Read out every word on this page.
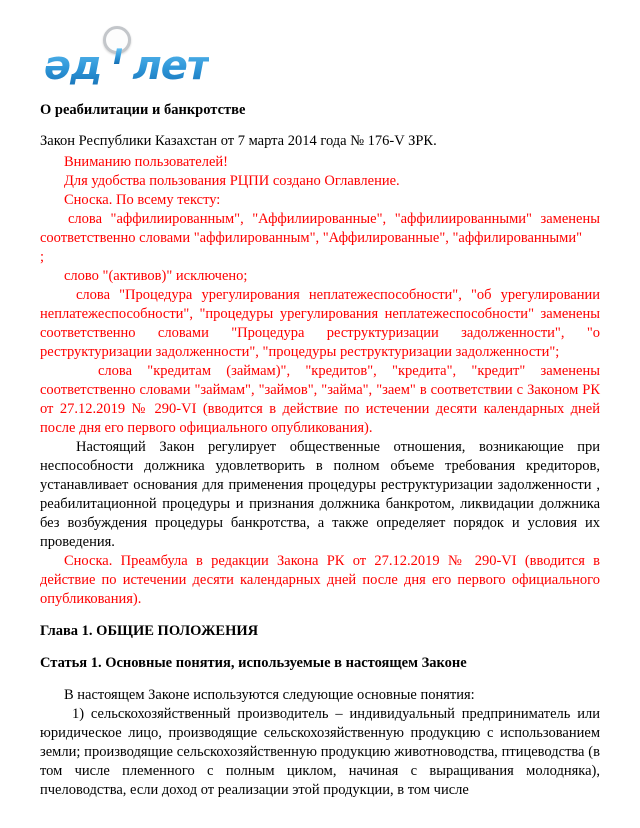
әд і лет
О реабилитации и банкротстве

Закон Республики Казахстан от 7 марта 2014 года № 176-V ЗРК.

Вниманию пользователей!

Для удобства пользования РЦПИ создано Оглавление.

Сноска. По всему тексту:

слова "аффилиированным", "Аффилиированные", "аффилиированными" заменены соответственно словами "аффилированным", "Аффилированные", "аффилированными"

;

слово "(активов)" исключено;

слова "Процедура урегулирования неплатежеспособности", "об урегулировании неплатежеспособности", "процедуры урегулирования неплатежеспособности" заменены соответственно словами "Процедура реструктуризации задолженности", "о реструктуризации задолженности", "процедуры реструктуризации задолженности";

слова "кредитам (займам)", "кредитов", "кредита", "кредит" заменены соответственно словами "займам", "займов", "займа", "заем" в соответствии с Законом РК от 27.12.2019 № 290-VI (вводится в действие по истечении десяти календарных дней после дня его первого официального опубликования).

Настоящий Закон регулирует общественные отношения, возникающие при неспособности должника удовлетворить в полном объеме требования кредиторов, устанавливает основания для применения процедуры реструктуризации задолженности , реабилитационной процедуры и признания должника банкротом, ликвидации должника без возбуждения процедуры банкротства, а также определяет порядок и условия их проведения.

Сноска. Преамбула в редакции Закона РК от 27.12.2019 № 290-VI (вводится в действие по истечении десяти календарных дней после дня его первого официального опубликования).

Глава 1. ОБЩИЕ ПОЛОЖЕНИЯ

Статья 1. Основные понятия, используемые в настоящем Законе

В настоящем Законе используются следующие основные понятия:

1) сельскохозяйственный производитель – индивидуальный предприниматель или юридическое лицо, производящие сельскохозяйственную продукцию с использованием земли; производящие сельскохозяйственную продукцию животноводства, птицеводства (в том числе племенного с полным циклом, начиная с выращивания молодняка), пчеловодства, если доход от реализации этой продукции, в том числе
